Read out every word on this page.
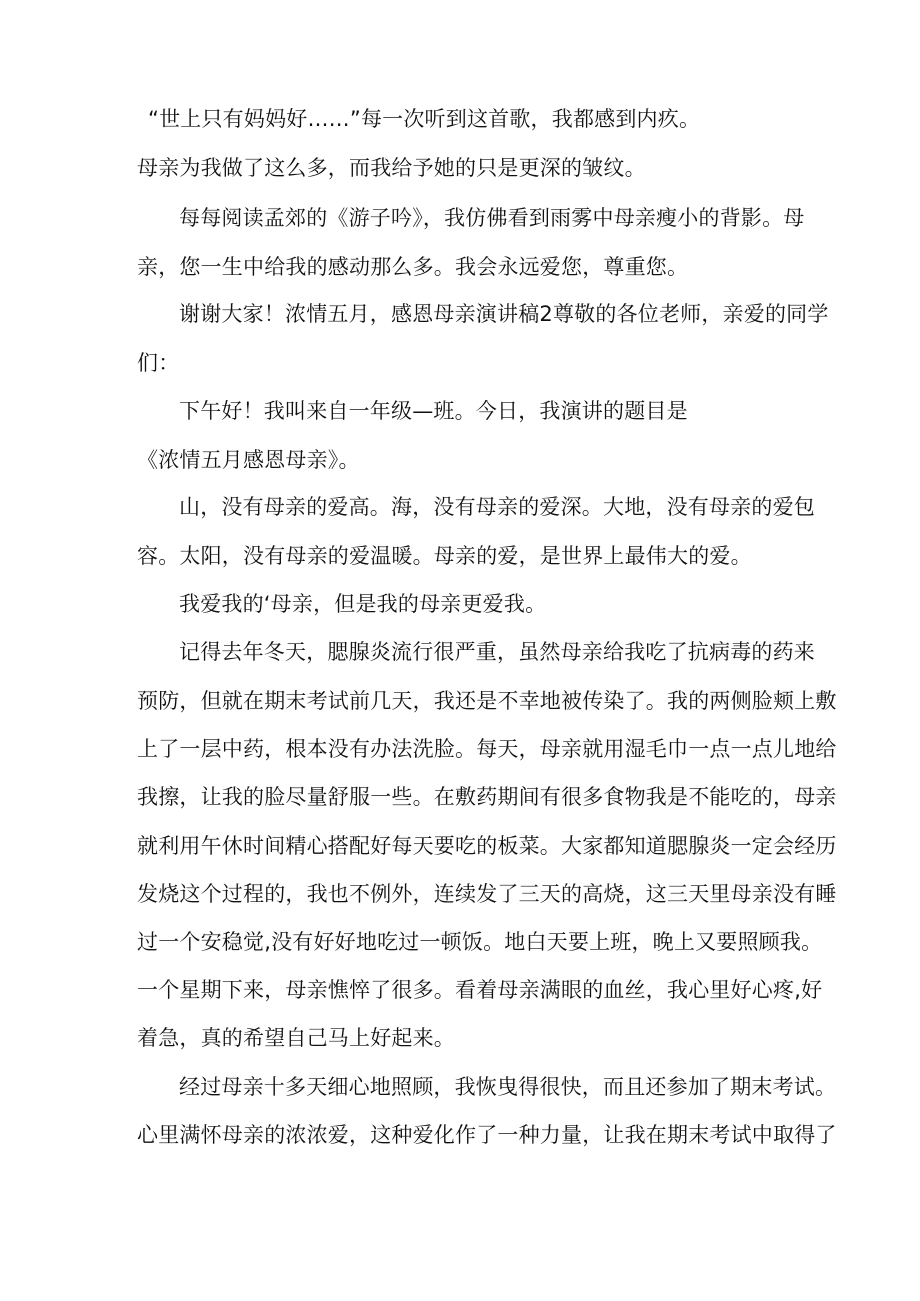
“世上只有妈妈好……”每一次听到这首歌，我都感到内疚。
母亲为我做了这么多，而我给予她的只是更深的皱纹。
每每阅读孟郊的《游子吟》，我仿佛看到雨雾中母亲瘦小的背影。母
亲，您一生中给我的感动那么多。我会永远爱您，尊重您。
谢谢大家！浓情五月，感恩母亲演讲稿2尊敬的各位老师，亲爱的同学
们：
下午好！我叫来自一年级—班。今日，我演讲的题目是
《浓情五月感恩母亲》。
山，没有母亲的爱高。海，没有母亲的爱深。大地，没有母亲的爱包
容。太阳，没有母亲的爱温暖。母亲的爱，是世界上最伟大的爱。
我爱我的‘母亲，但是我的母亲更爱我。
记得去年冬天，腮腺炎流行很严重，虽然母亲给我吃了抗病毒的药来
预防，但就在期末考试前几天，我还是不幸地被传染了。我的两侧脸颊上敷
上了一层中药，根本没有办法洗脸。每天，母亲就用湿毛巾一点一点儿地给
我擦，让我的脸尽量舒服一些。在敷药期间有很多食物我是不能吃的，母亲
就利用午休时间精心搭配好每天要吃的板菜。大家都知道腮腺炎一定会经历
发烧这个过程的，我也不例外，连续发了三天的高烧，这三天里母亲没有睡
过一个安稳觉,没有好好地吃过一顿饭。地白天要上班，晚上又要照顾我。
一个星期下来，母亲憔悴了很多。看着母亲满眼的血丝，我心里好心疼,好
着急，真的希望自己马上好起来。
经过母亲十多天细心地照顾，我恢曳得很快，而且还参加了期末考试。
心里满怀母亲的浓浓爱，这种爱化作了一种力量，让我在期末考试中取得了
